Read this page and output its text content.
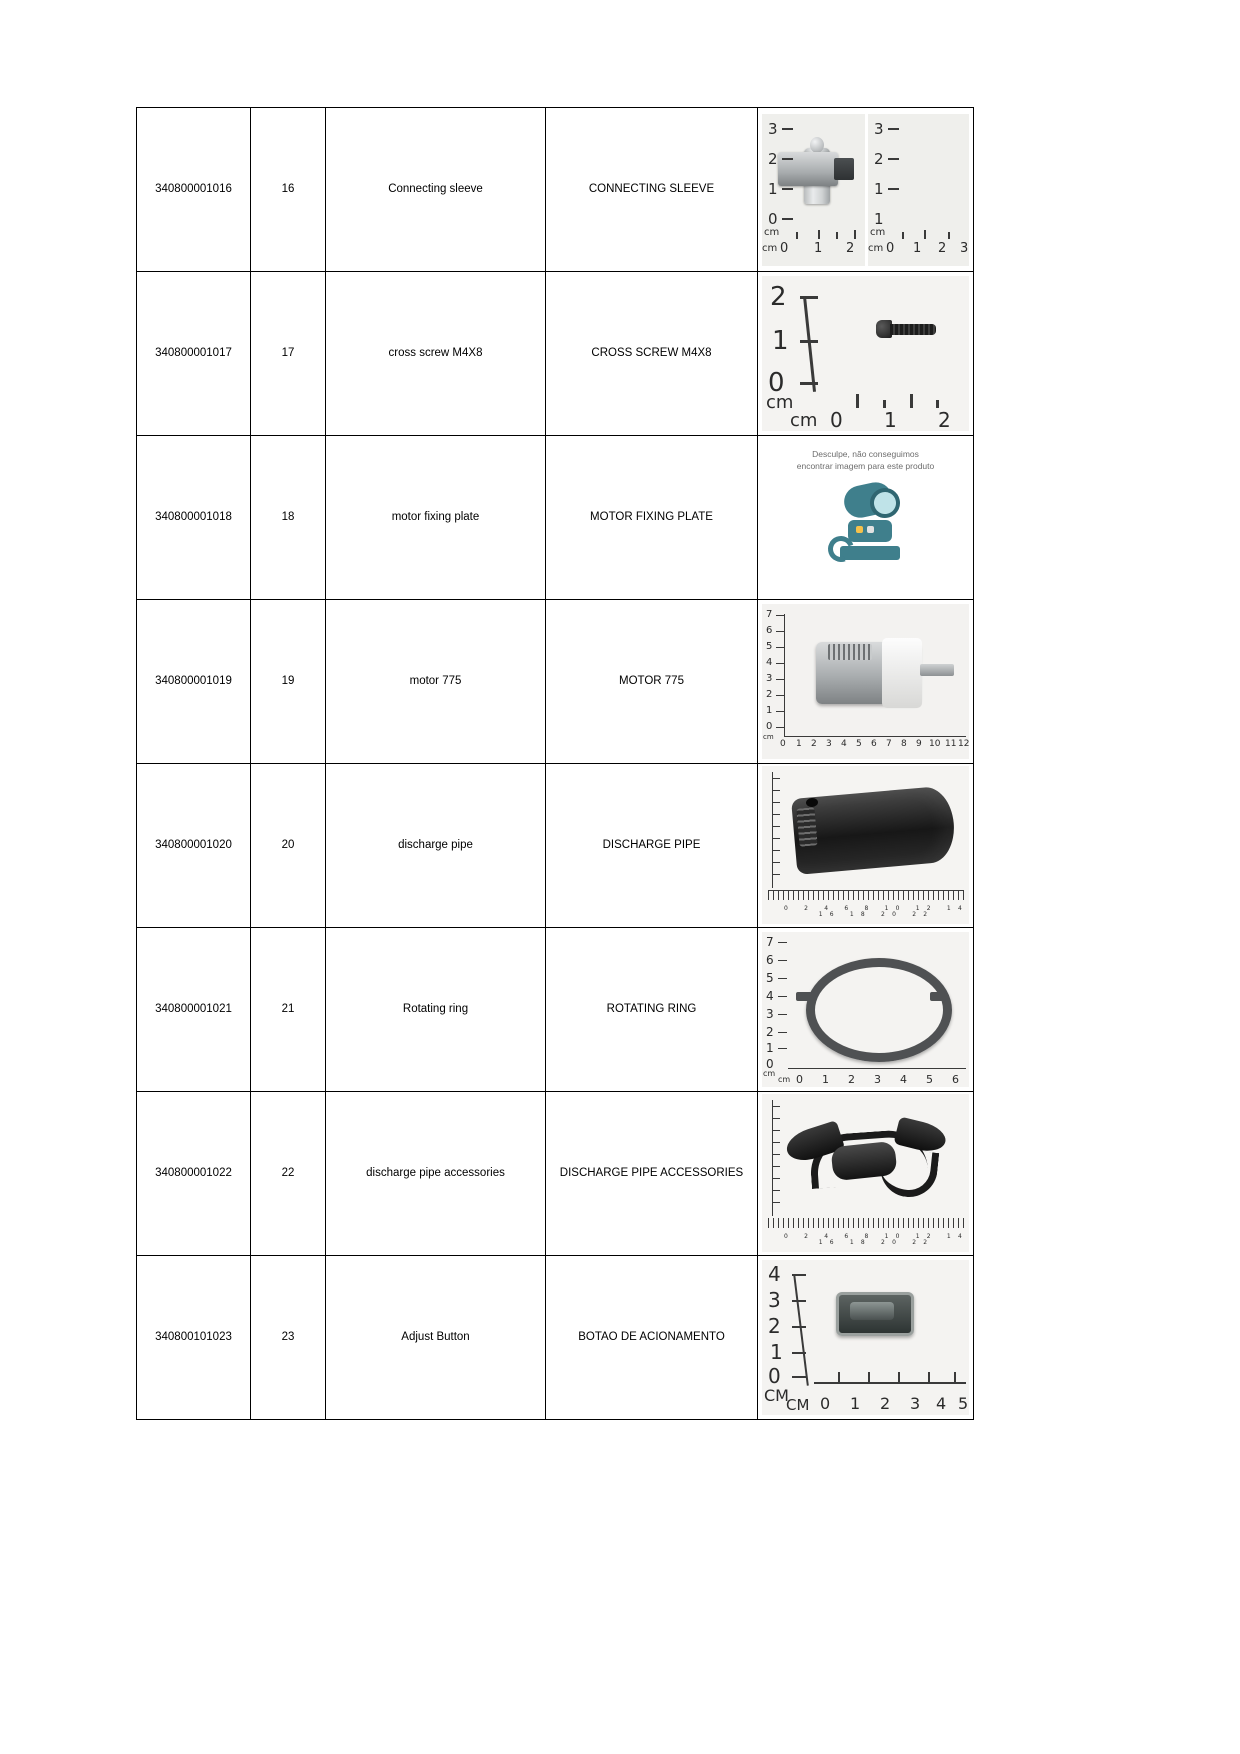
340800001016	16	Connecting sleeve	CONNECTING SLEEVE

3
2
1
0
cm
cm 0 1 2
3
2
1
1
cm
cm 0 1 2 3

340800001017	17	cross screw M4X8	CROSS SCREW M4X8

2
1
0
cm
cm 0 1 2

340800001018	18	motor fixing plate	MOTOR FIXING PLATE	Desculpe, não conseguimos
encontrar imagem para este produto

340800001019	19	motor 775	MOTOR 775

7
6
5
4
3
2
1
0
cm
0 1 2 3 4 5 6 7 8 9 10 11 12

340800001020	20	discharge pipe	DISCHARGE PIPE	0 2 4 6 8 10 12 14 16 18 20 22

340800001021	21	Rotating ring	ROTATING RING

7
6
5
4
3
2
1
0
cm
cm 0 1 2 3 4 5 6

340800001022	22	discharge pipe accessories	DISCHARGE PIPE ACCESSORIES	0 2 4 6 8 10 12 14 16 18 20 22

340800101023	23	Adjust Button	BOTAO DE ACIONAMENTO

4
3
2
1
0
CM
CM 0 1 2 3 4 5
